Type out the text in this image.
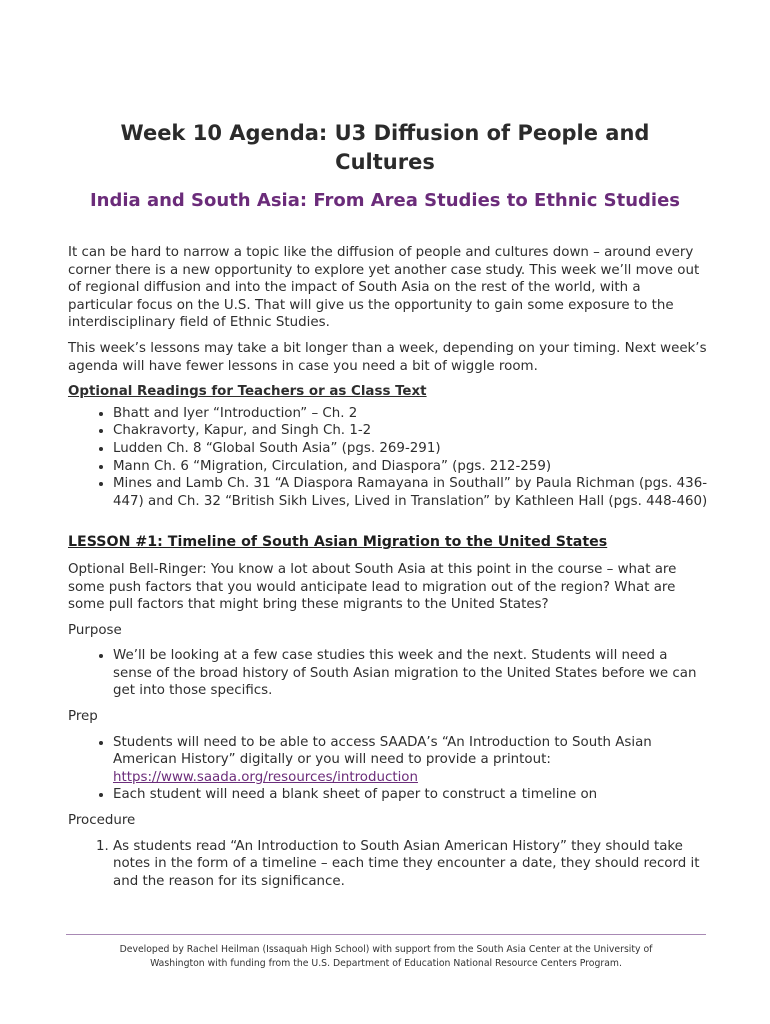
Week 10 Agenda: U3 Diffusion of People and
Cultures
India and South Asia: From Area Studies to Ethnic Studies

It can be hard to narrow a topic like the diffusion of people and cultures down – around every corner there is a new opportunity to explore yet another case study. This week we’ll move out of regional diffusion and into the impact of South Asia on the rest of the world, with a particular focus on the U.S. That will give us the opportunity to gain some exposure to the interdisciplinary field of Ethnic Studies.

This week’s lessons may take a bit longer than a week, depending on your timing. Next week’s agenda will have fewer lessons in case you need a bit of wiggle room.

Optional Readings for Teachers or as Class Text
• Bhatt and Iyer “Introduction” – Ch. 2
• Chakravorty, Kapur, and Singh Ch. 1-2
• Ludden Ch. 8 “Global South Asia” (pgs. 269-291)
• Mann Ch. 6 “Migration, Circulation, and Diaspora” (pgs. 212-259)
• Mines and Lamb Ch. 31 “A Diaspora Ramayana in Southall” by Paula Richman (pgs. 436-447) and Ch. 32 “British Sikh Lives, Lived in Translation” by Kathleen Hall (pgs. 448-460)
LESSON #1: Timeline of South Asian Migration to the United States

Optional Bell-Ringer: You know a lot about South Asia at this point in the course – what are some push factors that you would anticipate lead to migration out of the region? What are some pull factors that might bring these migrants to the United States?

Purpose

• We’ll be looking at a few case studies this week and the next. Students will need a sense of the broad history of South Asian migration to the United States before we can get into those specifics.

Prep

• Students will need to be able to access SAADA’s “An Introduction to South Asian American History” digitally or you will need to provide a printout: https://www.saada.org/resources/introduction
• Each student will need a blank sheet of paper to construct a timeline on

Procedure

1. As students read “An Introduction to South Asian American History” they should take notes in the form of a timeline – each time they encounter a date, they should record it and the reason for its significance.
Developed by Rachel Heilman (Issaquah High School) with support from the South Asia Center at the University of
Washington with funding from the U.S. Department of Education National Resource Centers Program.
